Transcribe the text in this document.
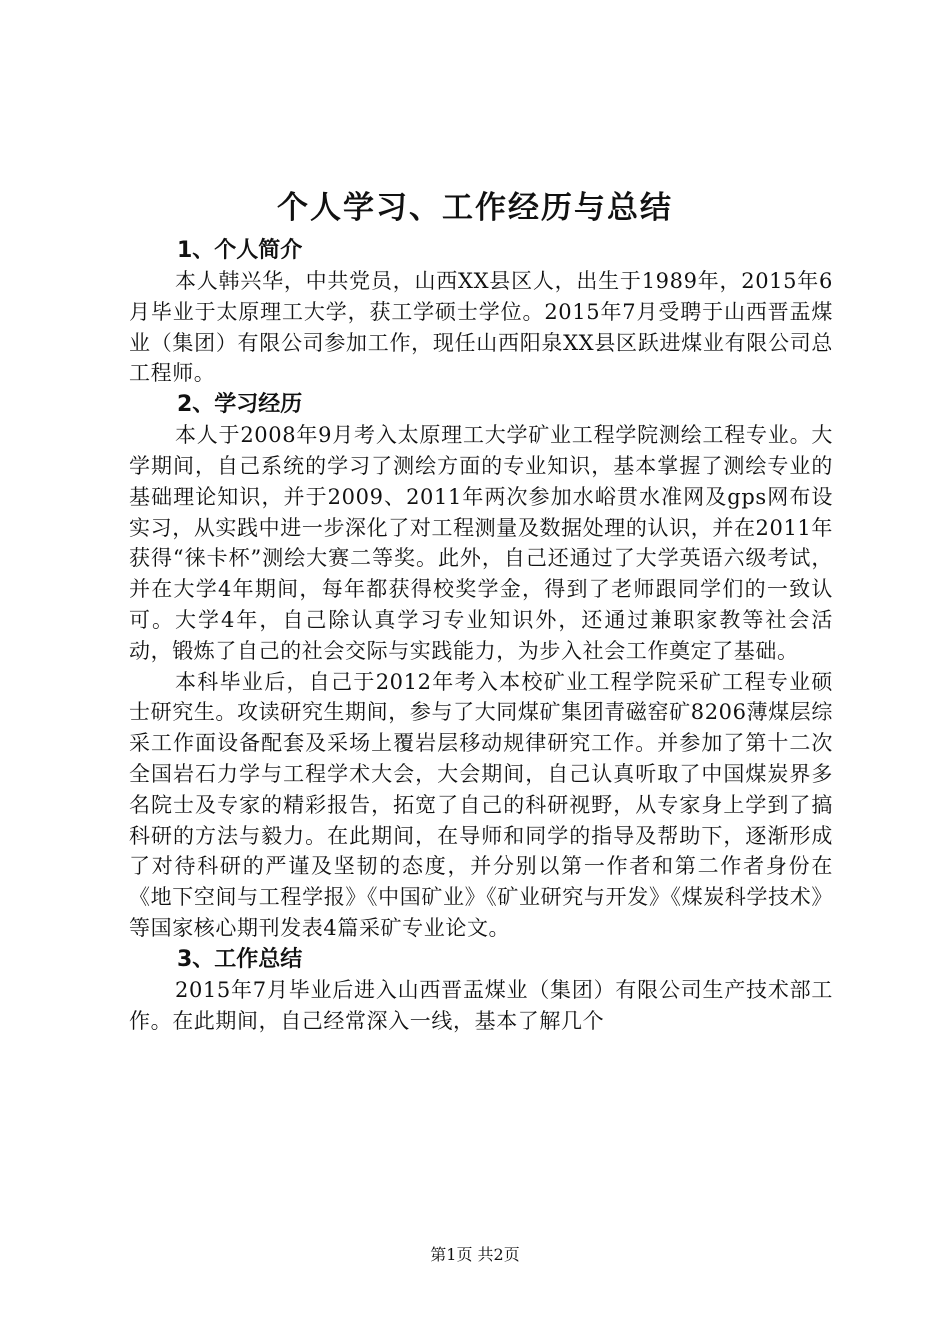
个人学习、工作经历与总结
1、个人简介

本人韩兴华，中共党员，山西XX县区人，出生于1989年，2015年6月毕业于太原理工大学，获工学硕士学位。2015年7月受聘于山西晋盂煤业（集团）有限公司参加工作，现任山西阳泉XX县区跃进煤业有限公司总工程师。

2、学习经历

本人于2008年9月考入太原理工大学矿业工程学院测绘工程专业。大学期间，自己系统的学习了测绘方面的专业知识，基本掌握了测绘专业的基础理论知识，并于2009、2011年两次参加水峪贯水准网及gps网布设实习，从实践中进一步深化了对工程测量及数据处理的认识，并在2011年获得“徕卡杯”测绘大赛二等奖。此外，自己还通过了大学英语六级考试，并在大学4年期间，每年都获得校奖学金，得到了老师跟同学们的一致认可。大学4年，自己除认真学习专业知识外，还通过兼职家教等社会活动，锻炼了自己的社会交际与实践能力，为步入社会工作奠定了基础。

本科毕业后，自己于2012年考入本校矿业工程学院采矿工程专业硕士研究生。攻读研究生期间，参与了大同煤矿集团青磁窑矿8206薄煤层综采工作面设备配套及采场上覆岩层移动规律研究工作。并参加了第十二次全国岩石力学与工程学术大会，大会期间，自己认真听取了中国煤炭界多名院士及专家的精彩报告，拓宽了自己的科研视野，从专家身上学到了搞科研的方法与毅力。在此期间，在导师和同学的指导及帮助下，逐渐形成了对待科研的严谨及坚韧的态度，并分别以第一作者和第二作者身份在《地下空间与工程学报》《中国矿业》《矿业研究与开发》《煤炭科学技术》等国家核心期刊发表4篇采矿专业论文。

3、工作总结

2015年7月毕业后进入山西晋盂煤业（集团）有限公司生产技术部工作。在此期间，自己经常深入一线，基本了解几个

第1页 共2页
